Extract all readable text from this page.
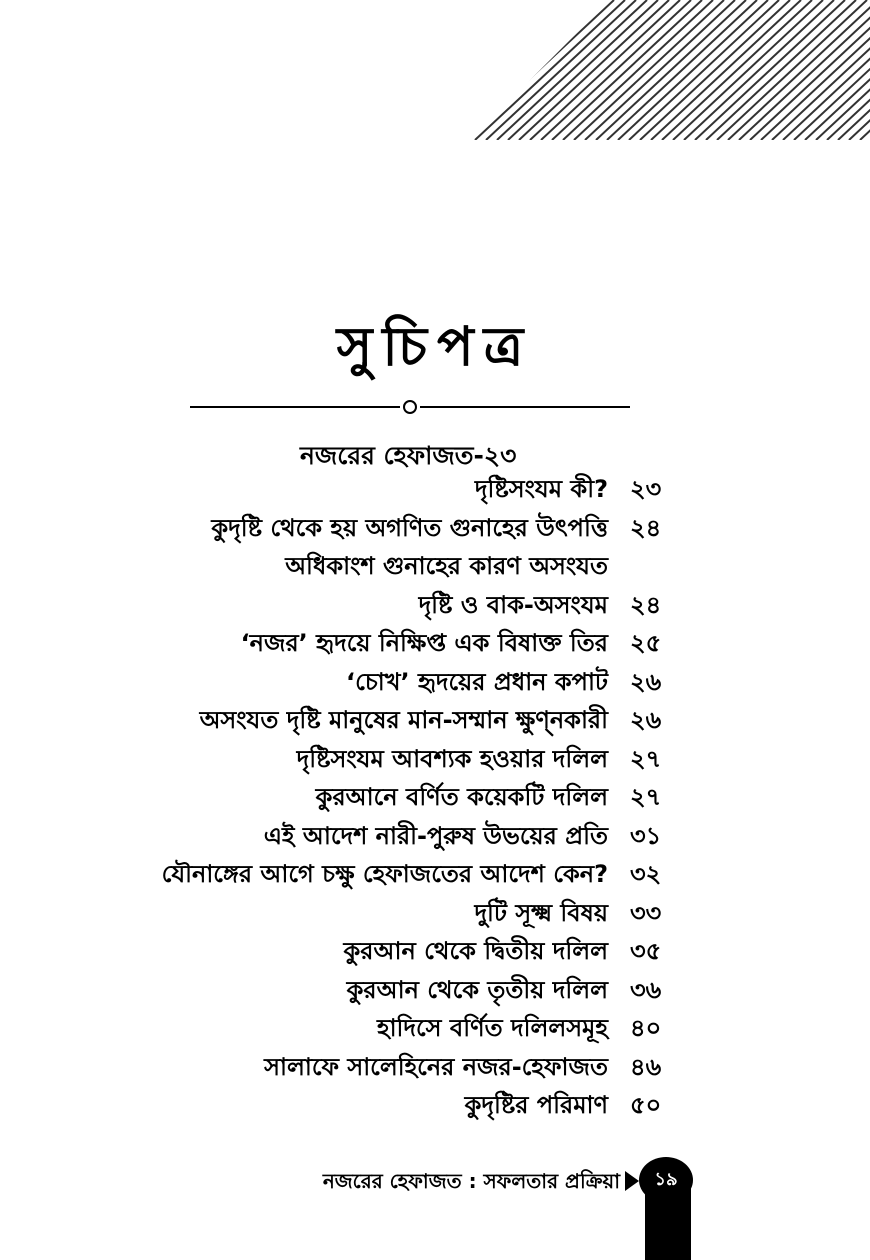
সুচিপত্র
নজরের হেফাজত-২৩
দৃষ্টিসংযম কী? ২৩
কুদৃষ্টি থেকে হয় অগণিত গুনাহের উৎপত্তি ২৪
অধিকাংশ গুনাহের কারণ অসংযত
দৃষ্টি ও বাক-অসংযম ২৪
‘নজর’ হৃদয়ে নিক্ষিপ্ত এক বিষাক্ত তির ২৫
‘চোখ’ হৃদয়ের প্রধান কপাট ২৬
অসংযত দৃষ্টি মানুষের মান-সম্মান ক্ষুণ্নকারী ২৬
দৃষ্টিসংযম আবশ্যক হওয়ার দলিল ২৭
কুরআনে বর্ণিত কয়েকটি দলিল ২৭
এই আদেশ নারী-পুরুষ উভয়ের প্রতি ৩১
যৌনাঙ্গের আগে চক্ষু হেফাজতের আদেশ কেন? ৩২
দুটি সূক্ষ্ম বিষয় ৩৩
কুরআন থেকে দ্বিতীয় দলিল ৩৫
কুরআন থেকে তৃতীয় দলিল ৩৬
হাদিসে বর্ণিত দলিলসমূহ ৪০
সালাফে সালেহিনের নজর-হেফাজত ৪৬
কুদৃষ্টির পরিমাণ ৫০
নজরের হেফাজত : সফলতার প্রক্রিয়া ১৯
